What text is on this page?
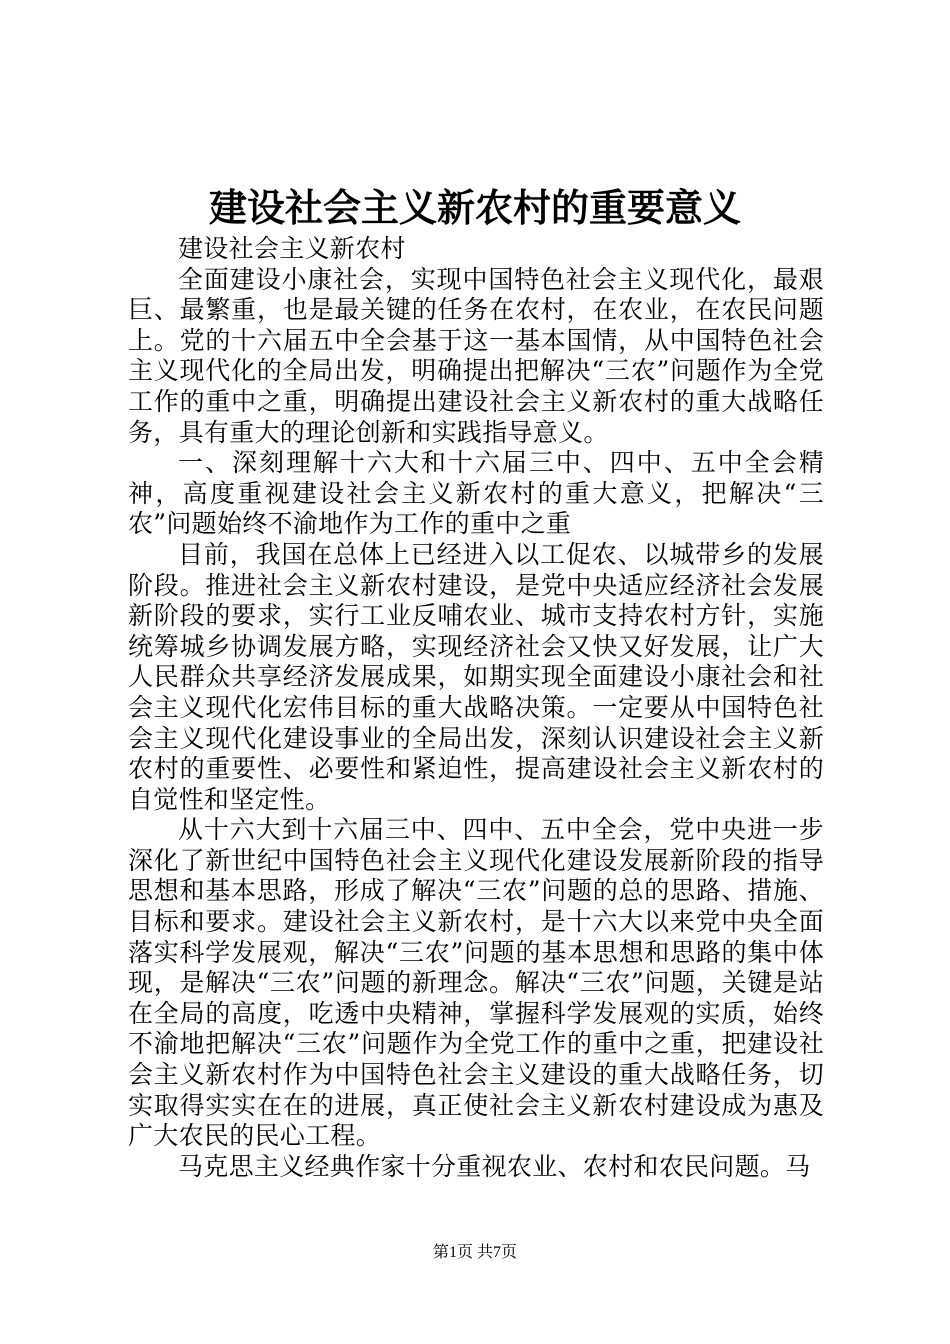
建设社会主义新农村的重要意义

建设社会主义新农村

全面建设小康社会，实现中国特色社会主义现代化，最艰巨、最繁重，也是最关键的任务在农村，在农业，在农民问题上。党的十六届五中全会基于这一基本国情，从中国特色社会主义现代化的全局出发，明确提出把解决“三农”问题作为全党工作的重中之重，明确提出建设社会主义新农村的重大战略任务，具有重大的理论创新和实践指导意义。

一、深刻理解十六大和十六届三中、四中、五中全会精神，高度重视建设社会主义新农村的重大意义，把解决“三农”问题始终不渝地作为工作的重中之重

目前，我国在总体上已经进入以工促农、以城带乡的发展阶段。推进社会主义新农村建设，是党中央适应经济社会发展新阶段的要求，实行工业反哺农业、城市支持农村方针，实施统筹城乡协调发展方略，实现经济社会又快又好发展，让广大人民群众共享经济发展成果，如期实现全面建设小康社会和社会主义现代化宏伟目标的重大战略决策。一定要从中国特色社会主义现代化建设事业的全局出发，深刻认识建设社会主义新农村的重要性、必要性和紧迫性，提高建设社会主义新农村的自觉性和坚定性。

从十六大到十六届三中、四中、五中全会，党中央进一步深化了新世纪中国特色社会主义现代化建设发展新阶段的指导思想和基本思路，形成了解决“三农”问题的总的思路、措施、目标和要求。建设社会主义新农村，是十六大以来党中央全面落实科学发展观，解决“三农”问题的基本思想和思路的集中体现，是解决“三农”问题的新理念。解决“三农”问题，关键是站在全局的高度，吃透中央精神，掌握科学发展观的实质，始终不渝地把解决“三农”问题作为全党工作的重中之重，把建设社会主义新农村作为中国特色社会主义建设的重大战略任务，切实取得实实在在的进展，真正使社会主义新农村建设成为惠及广大农民的民心工程。

马克思主义经典作家十分重视农业、农村和农民问题。马

第1页 共7页
